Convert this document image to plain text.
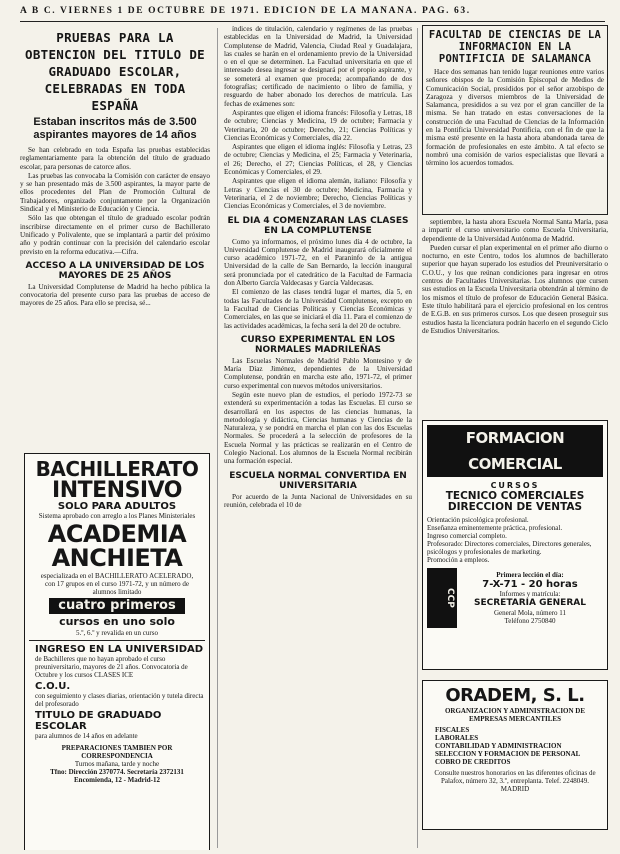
A B C. VIERNES 1 DE OCTUBRE DE 1971. EDICION DE LA MAÑANA. PAG. 63.
PRUEBAS PARA LA OBTENCION DEL TITULO DE GRADUADO ESCOLAR, CELEBRADAS EN TODA ESPAÑA
Estaban inscritos más de 3.500 aspirantes mayores de 14 años

Se han celebrado en toda España las pruebas establecidas reglamentariamente para la obtención del título de graduado escolar, para personas de catorce años.

Las pruebas las convocaba la Comisión con carácter de ensayo y se han presentado más de 3.500 aspirantes, la mayor parte de ellos procedentes del Plan de Promoción Cultural de Trabajadores, organizado conjuntamente por la Organización Sindical y el Ministerio de Educación y Ciencia.

Sólo las que obtengan el título de graduado escolar podrán inscribirse directamente en el primer curso de Bachillerato Unificado y Polivalente, que se implantará a partir del próximo año y podrán continuar con la precisión del calendario escolar previsto en la reforma educativa.—Cifra.

ACCESO A LA UNIVERSIDAD DE LOS MAYORES DE 25 AÑOS

La Universidad Complutense de Madrid ha hecho pública la convocatoria del presente curso para las pruebas de acceso de mayores de 25 años. Para ello se precisa, sé...

BACHILLERATO
INTENSIVO
SOLO PARA ADULTOS
Sistema aprobado con arreglo a los Planes Ministeriales
ACADEMIA
ANCHIETA
especializada en el BACHILLERATO ACELERADO, con 17 grupos en el curso 1971-72, y un número de alumnos limitado
cuatro primeros
cursos en uno solo
5.º, 6.º y revalida en un curso
INGRESO EN LA UNIVERSIDAD
de Bachilleres que no hayan aprobado el curso preuniversitario, mayores de 21 años. Convocatoria de Octubre y los cursos CLASES ICE
C.O.U.
con seguimiento y clases diarias, orientación y tutela directa del profesorado
TITULO DE GRADUADO ESCOLAR
para alumnos de 14 años en adelante
PREPARACIONES TAMBIEN POR CORRESPONDENCIA
Turnos mañana, tarde y noche
Tfno: Dirección 2370774. Secretaría 2372131
Encomienda, 12 - Madrid-12

índices de titulación, calendario y regímenes de las pruebas establecidas en la Universidad de Madrid, la Universidad Complutense de Madrid, Valencia, Ciudad Real y Guadalajara, las cuales se harán en el ordenamiento previo de la Universidad o en el que se determinen. La Facultad universitaria en que el interesado desea ingresar se designará por el propio aspirante, y se someterá al examen que proceda; acompañando de dos fotografías; certificado de nacimiento o libro de familia, y resguardo de haber abonado los derechos de matrícula. Las fechas de exámenes son:

Aspirantes que eligen el idioma francés: Filosofía y Letras, 18 de octubre; Ciencias y Medicina, 19 de octubre; Farmacia y Veterinaria, 20 de octubre; Derecho, 21; Ciencias Políticas y Ciencias Económicas y Comerciales, día 22.

Aspirantes que eligen el idioma inglés: Filosofía y Letras, 23 de octubre; Ciencias y Medicina, el 25; Farmacia y Veterinaria, el 26; Derecho, el 27; Ciencias Políticas, el 28, y Ciencias Económicas y Comerciales, el 29.

Aspirantes que eligen el idioma alemán, italiano: Filosofía y Letras y Ciencias el 30 de octubre; Medicina, Farmacia y Veterinaria, el 2 de noviembre; Derecho, Ciencias Políticas y Ciencias Económicas y Comerciales, el 3 de noviembre.

EL DIA 4 COMENZARAN LAS CLASES EN LA COMPLUTENSE

Como ya informamos, el próximo lunes día 4 de octubre, la Universidad Complutense de Madrid inaugurará oficialmente el curso académico 1971-72, en el Paraninfo de la antigua Universidad de la calle de San Bernardo, la lección inaugural será pronunciada por el catedrático de la Facultad de Farmacia don Alberto García Valdecasas y García Valdecasas.

El comienzo de las clases tendrá lugar el martes, día 5, en todas las Facultades de la Universidad Complutense, excepto en la Facultad de Ciencias Políticas y Ciencias Económicas y Comerciales, en las que se iniciará el día 11. Para el comienzo de las actividades académicas, la fecha será la del 20 de octubre.

CURSO EXPERIMENTAL EN LOS NORMALES MADRILEÑAS

Las Escuelas Normales de Madrid Pablo Montesino y de María Díaz Jiménez, dependientes de la Universidad Complutense, pondrán en marcha este año, 1971-72, el primer curso experimental con nuevos métodos universitarios.

Según este nuevo plan de estudios, el período 1972-73 se extenderá su experimentación a todas las Escuelas. El curso se desarrollará en los aspectos de las ciencias humanas, la metodología y didáctica, Ciencias humanas y Ciencias de la Naturaleza, y se pondrá en marcha el plan con las dos Escuelas Normales. Se procederá a la selección de profesores de la Escuela Normal y las prácticas se realizarán en el Centro de Colegio Nacional. Los alumnos de la Escuela Normal recibirán una formación especial.

ESCUELA NORMAL CONVERTIDA EN UNIVERSITARIA

Por acuerdo de la Junta Nacional de Universidades en su reunión, celebrada el 10 de

FACULTAD DE CIENCIAS DE LA INFORMACION EN LA PONTIFICIA DE SALAMANCA

Hace dos semanas han tenido lugar reuniones entre varios señores obispos de la Comisión Episcopal de Medios de Comunicación Social, presididos por el señor arzobispo de Zaragoza y diversos miembros de la Universidad de Salamanca, presididos a su vez por el gran canciller de la misma. Se han tratado en estas conversaciones de la construcción de una Facultad de Ciencias de la Información en la Pontificia Universidad Pontificia, con el fin de que la misma esté presente en la hasta ahora abandonada tarea de formación de profesionales en este ámbito. A tal efecto se nombró una comisión de varios especialistas que llevará a término los acuerdos tomados.

septiembre, la hasta ahora Escuela Normal Santa María, pasa a impartir el curso universitario como Escuela Universitaria, dependiente de la Universidad Autónoma de Madrid.

Pueden cursar el plan experimental en el primer año diurno o nocturno, en este Centro, todos los alumnos de bachillerato superior que hayan superado los estudios del Preuniversitario o C.O.U., y los que reúnan condiciones para ingresar en otros centros de Facultades Universitarias. Los alumnos que cursen sus estudios en la Escuela Universitaria obtendrán al término de los mismos el título de profesor de Educación General Básica. Este título habilitará para el ejercicio profesional en los centros de E.G.B. en sus primeros cursos. Los que deseen proseguir sus estudios hasta la licenciatura podrán hacerlo en el segundo Ciclo de Estudios Universitarios.

FORMACION COMERCIAL
CURSOS
TECNICO COMERCIALES
DIRECCION DE VENTAS
Orientación psicológica profesional.
Enseñanza eminentemente práctica, profesional.
Ingreso comercial completo.
Profesorado: Directores comerciales, Directores generales, psicólogos y profesionales de marketing.
Promoción a empleos.
CCP
Primera lección el día:
7-X-71 - 20 horas
Informes y matrícula:
SECRETARIA GENERAL
General Mola, número 11
Teléfono 2750840
ORADEM, S. L.
ORGANIZACION Y ADMINISTRACION DE EMPRESAS MERCANTILES
FISCALES
LABORALES
CONTABILIDAD Y ADMINISTRACION
SELECCION Y FORMACION DE PERSONAL
COBRO DE CREDITOS
Consulte nuestros honorarios en las diferentes oficinas de Palafox, número 32, 3.º, entreplanta. Telef. 2248049. MADRID
